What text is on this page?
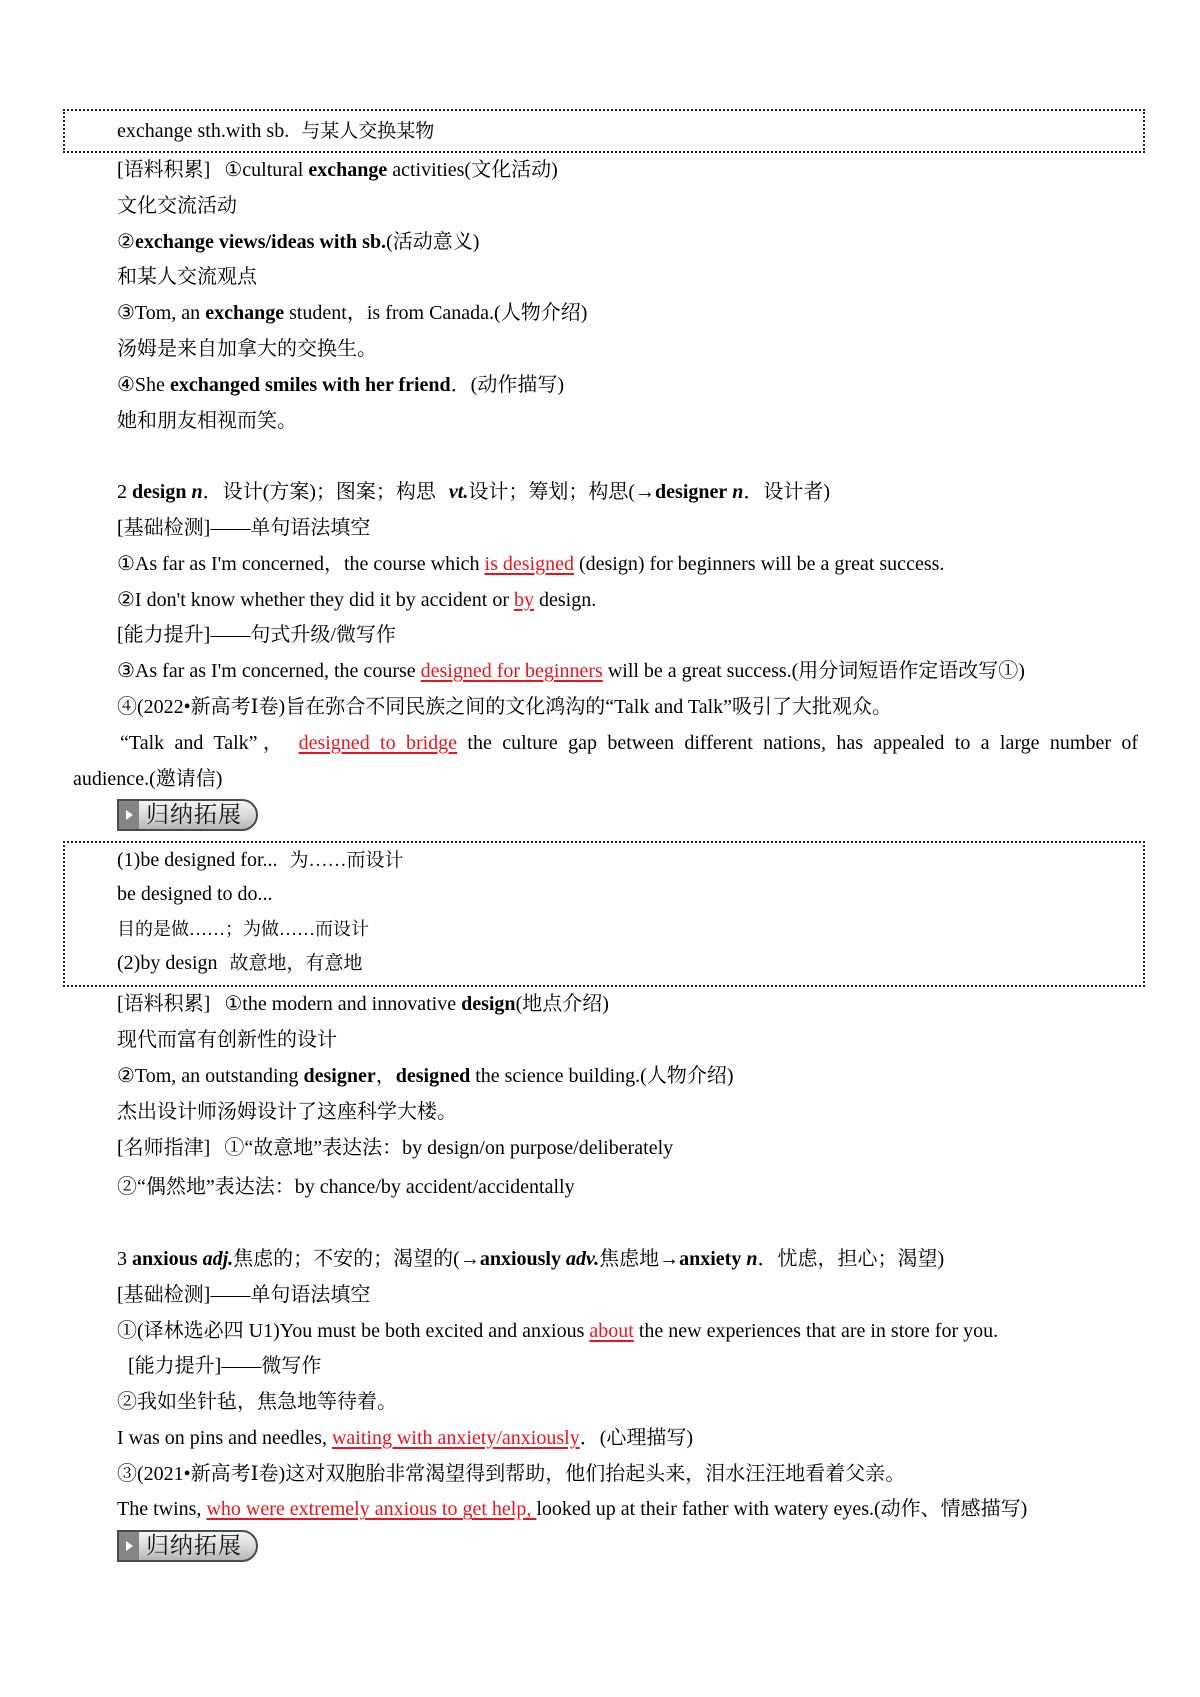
exchange sth.with sb. 与某人交换某物
[语料积累] ①cultural exchange activities(文化活动)
文化交流活动
②exchange views/ideas with sb.(活动意义)
和某人交流观点
③Tom, an exchange student，is from Canada.(人物介绍)
汤姆是来自加拿大的交换生。
④She exchanged smiles with her friend．(动作描写)
她和朋友相视而笑。
2 design n．设计(方案)；图案；构思 vt.设计；筹划；构思(→designer n．设计者)
[基础检测]——单句语法填空
①As far as I'm concerned，the course which is designed (design) for beginners will be a great success.
②I don't know whether they did it by accident or by design.
[能力提升]——句式升级/微写作
③As far as I'm concerned, the course designed for beginners will be a great success.(用分词短语作定语改写①)
④(2022•新高考Ⅰ卷)旨在弥合不同民族之间的文化鸿沟的“Talk and Talk”吸引了大批观众。
“Talk and Talk”， designed to bridge the culture gap between different nations, has appealed to a large number of
audience.(邀请信)
归纳拓展
(1)be designed for... 为……而设计
be designed to do...
目的是做……；为做……而设计
(2)by design 故意地，有意地
[语料积累] ①the modern and innovative design(地点介绍)
现代而富有创新性的设计
②Tom, an outstanding designer，designed the science building.(人物介绍)
杰出设计师汤姆设计了这座科学大楼。
[名师指津] ①“故意地”表达法：by design/on purpose/deliberately
②“偶然地”表达法：by chance/by accident/accidentally
3 anxious adj.焦虑的；不安的；渴望的(→anxiously adv.焦虑地→anxiety n．忧虑，担心；渴望)
[基础检测]——单句语法填空
①(译林选必四 U1)You must be both excited and anxious about the new experiences that are in store for you.
[能力提升]——微写作
②我如坐针毡，焦急地等待着。
I was on pins and needles, waiting with anxiety/anxiously．(心理描写)
③(2021•新高考Ⅰ卷)这对双胞胎非常渴望得到帮助，他们抬起头来，泪水汪汪地看着父亲。
The twins, who were extremely anxious to get help, looked up at their father with watery eyes.(动作、情感描写)
归纳拓展
